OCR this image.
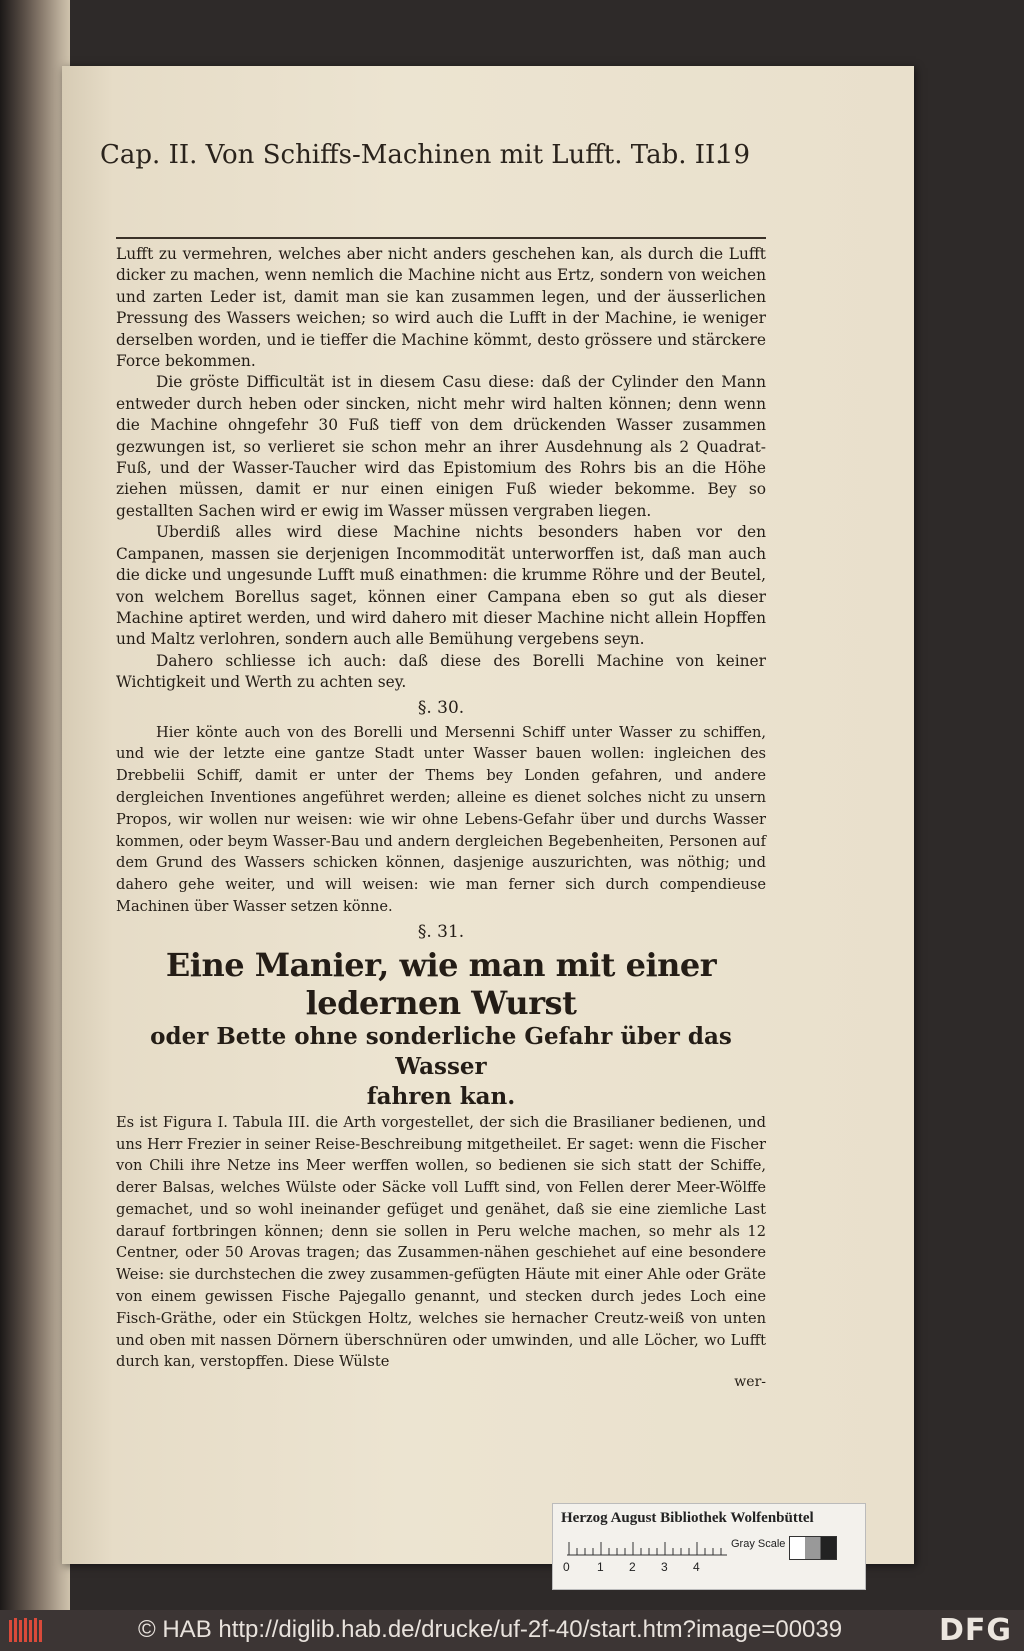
Cap. II. Von Schiffs-Machinen mit Lufft. Tab. II.
19

Lufft zu vermehren, welches aber nicht anders geschehen kan, als durch die Lufft dicker zu machen, wenn nemlich die Machine nicht aus Ertz, sondern von weichen und zarten Leder ist, damit man sie kan zusammen legen, und der äusserlichen Pressung des Wassers weichen; so wird auch die Lufft in der Machine, ie weniger derselben worden, und ie tieffer die Machine kömmt, desto grössere und stärckere Force bekommen.

Die gröste Difficultät ist in diesem Casu diese: daß der Cylinder den Mann entweder durch heben oder sincken, nicht mehr wird halten können; denn wenn die Machine ohngefehr 30 Fuß tieff von dem drückenden Wasser zusammen gezwungen ist, so verlieret sie schon mehr an ihrer Ausdehnung als 2 Quadrat-Fuß, und der Wasser-Taucher wird das Epistomium des Rohrs bis an die Höhe ziehen müssen, damit er nur einen einigen Fuß wieder bekomme. Bey so gestallten Sachen wird er ewig im Wasser müssen vergraben liegen.

Uberdiß alles wird diese Machine nichts besonders haben vor den Campanen, massen sie derjenigen Incommodität unterworffen ist, daß man auch die dicke und ungesunde Lufft muß einathmen: die krumme Röhre und der Beutel, von welchem Borellus saget, können einer Campana eben so gut als dieser Machine aptiret werden, und wird dahero mit dieser Machine nicht allein Hopffen und Maltz verlohren, sondern auch alle Bemühung vergebens seyn.

Dahero schliesse ich auch: daß diese des Borelli Machine von keiner Wichtigkeit und Werth zu achten sey.

§. 30.

Hier könte auch von des Borelli und Mersenni Schiff unter Wasser zu schiffen, und wie der letzte eine gantze Stadt unter Wasser bauen wollen: ingleichen des Drebbelii Schiff, damit er unter der Thems bey Londen gefahren, und andere dergleichen Inventiones angeführet werden; alleine es dienet solches nicht zu unsern Propos, wir wollen nur weisen: wie wir ohne Lebens-Gefahr über und durchs Wasser kommen, oder beym Wasser-Bau und andern dergleichen Begebenheiten, Personen auf dem Grund des Wassers schicken können, dasjenige auszurichten, was nöthig; und dahero gehe weiter, und will weisen: wie man ferner sich durch compendieuse Machinen über Wasser setzen könne.

§. 31.

Eine Manier, wie man mit einer ledernen Wurst

oder Bette ohne sonderliche Gefahr über das Wasser

fahren kan.

Es ist Figura I. Tabula III. die Arth vorgestellet, der sich die Brasilianer bedienen, und uns Herr Frezier in seiner Reise-Beschreibung mitgetheilet. Er saget: wenn die Fischer von Chili ihre Netze ins Meer werffen wollen, so bedienen sie sich statt der Schiffe, derer Balsas, welches Wülste oder Säcke voll Lufft sind, von Fellen derer Meer-Wölffe gemachet, und so wohl ineinander gefüget und genähet, daß sie eine ziemliche Last darauf fortbringen können; denn sie sollen in Peru welche machen, so mehr als 12 Centner, oder 50 Arovas tragen; das Zusammen-nähen geschiehet auf eine besondere Weise: sie durchstechen die zwey zusammen-gefügten Häute mit einer Ahle oder Gräte von einem gewissen Fische Pajegallo genannt, und stecken durch jedes Loch eine Fisch-Gräthe, oder ein Stückgen Holtz, welches sie hernacher Creutz-weiß von unten und oben mit nassen Dörnern überschnüren oder umwinden, und alle Löcher, wo Lufft durch kan, verstopffen. Diese Wülste

wer-

Herzog August Bibliothek Wolfenbüttel
Gray Scale
0 1 2 3 4
© HAB http://diglib.hab.de/drucke/uf-2f-40/start.htm?image=00039	DFG
